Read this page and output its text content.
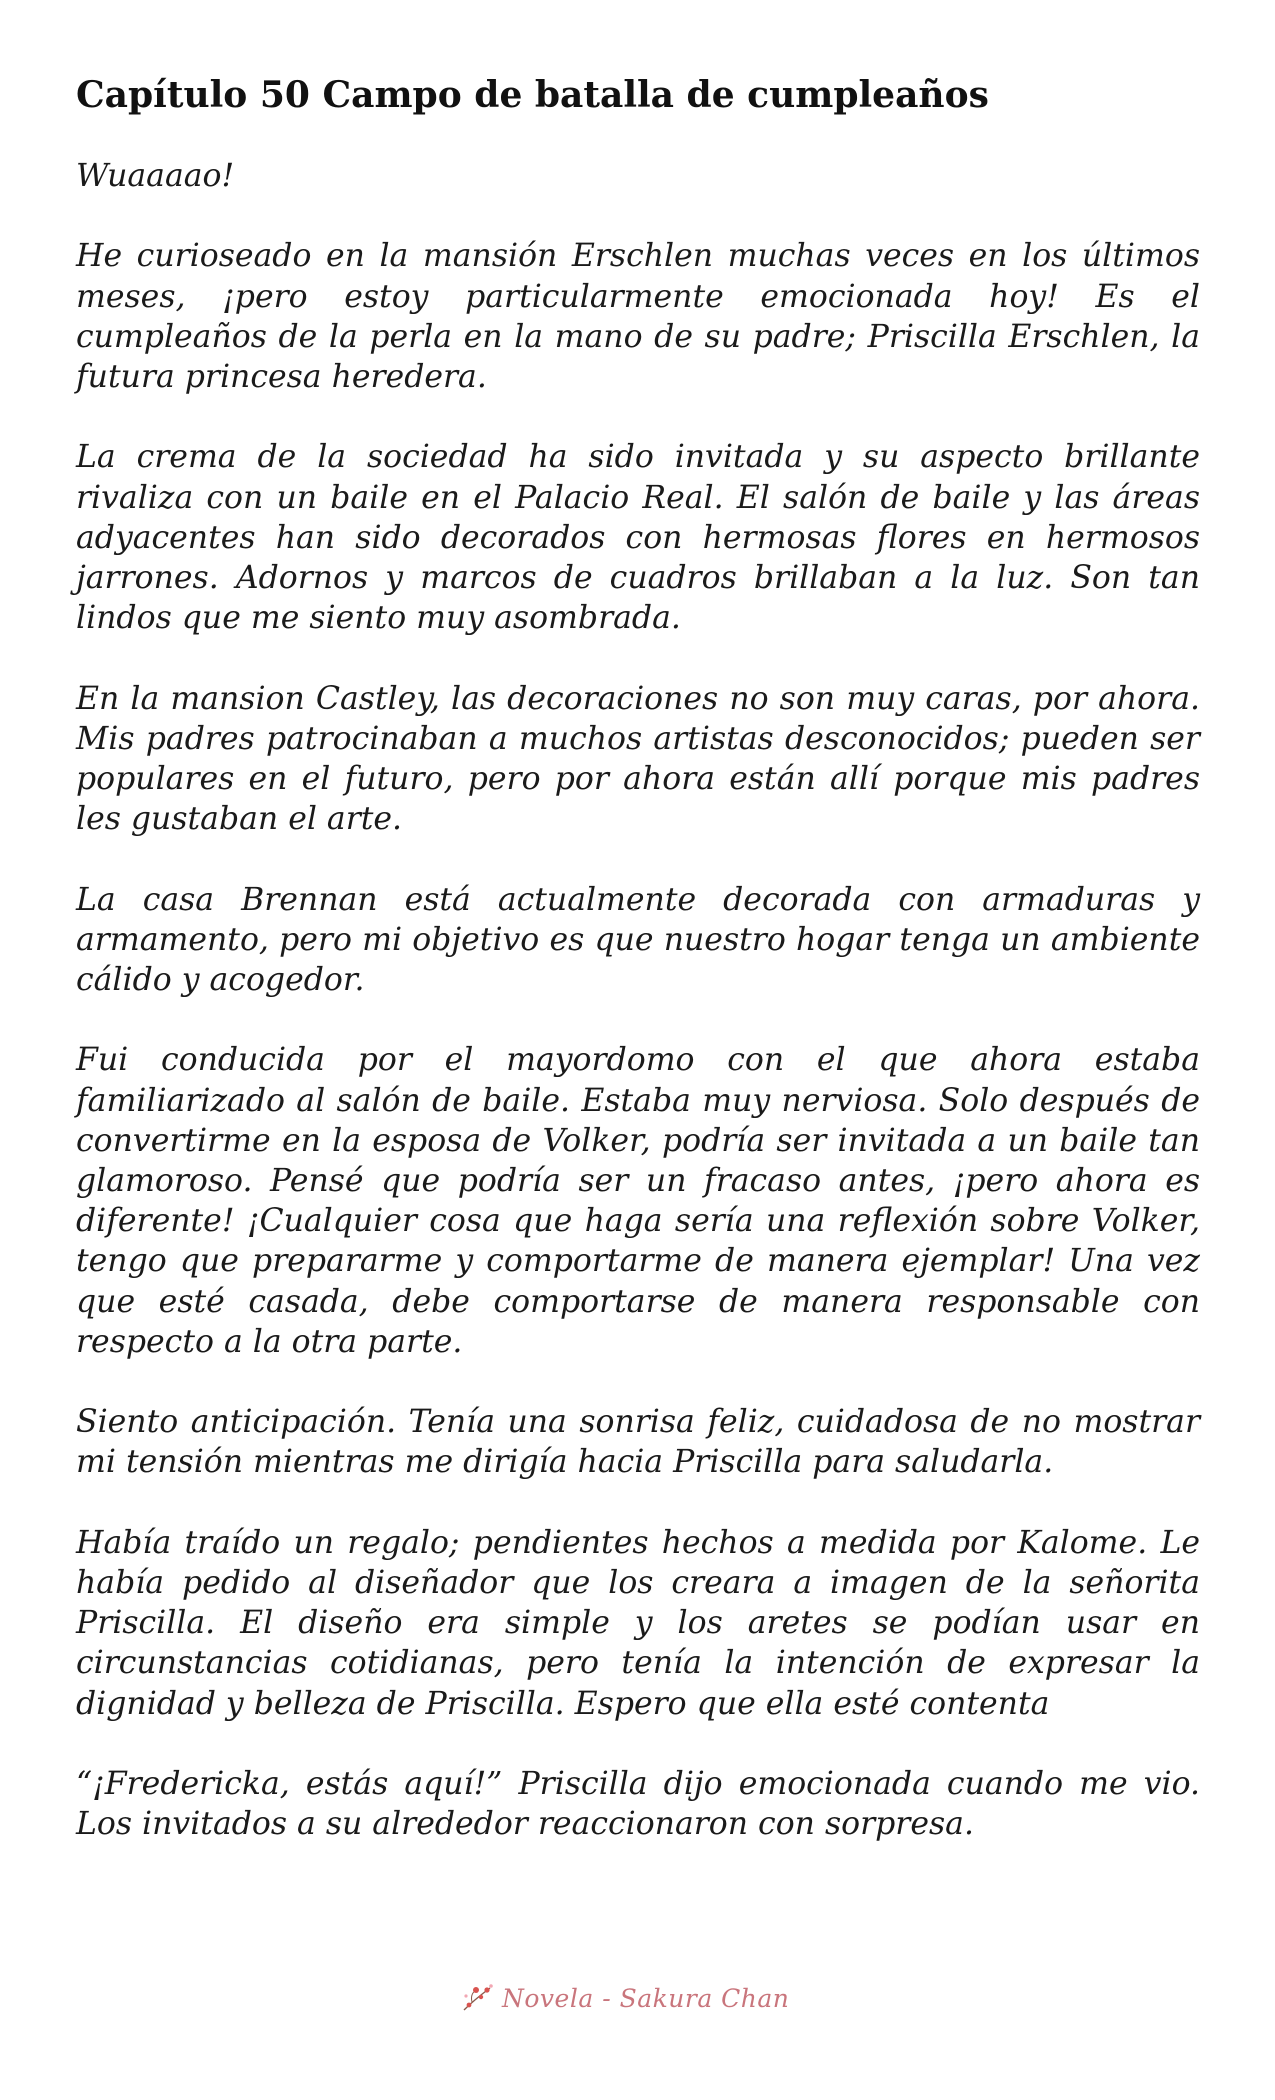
Capítulo 50 Campo de batalla de cumpleaños

Wuaaaao!

He curioseado en la mansión Erschlen muchas veces en los últimos meses, ¡pero estoy particularmente emocionada hoy! Es el cumpleaños de la perla en la mano de su padre; Priscilla Erschlen, la futura princesa heredera.

La crema de la sociedad ha sido invitada y su aspecto brillante rivaliza con un baile en el Palacio Real. El salón de baile y las áreas adyacentes han sido decorados con hermosas flores en hermosos jarrones. Adornos y marcos de cuadros brillaban a la luz. Son tan lindos que me siento muy asombrada.

En la mansion Castley, las decoraciones no son muy caras, por ahora. Mis padres patrocinaban a muchos artistas desconocidos; pueden ser populares en el futuro, pero por ahora están allí porque mis padres les gustaban el arte.

La casa Brennan está actualmente decorada con armaduras y armamento, pero mi objetivo es que nuestro hogar tenga un ambiente cálido y acogedor.

Fui conducida por el mayordomo con el que ahora estaba familiarizado al salón de baile. Estaba muy nerviosa. Solo después de convertirme en la esposa de Volker, podría ser invitada a un baile tan glamoroso. Pensé que podría ser un fracaso antes, ¡pero ahora es diferente! ¡Cualquier cosa que haga sería una reflexión sobre Volker, tengo que prepararme y comportarme de manera ejemplar! Una vez que esté casada, debe comportarse de manera responsable con respecto a la otra parte.

Siento anticipación. Tenía una sonrisa feliz, cuidadosa de no mostrar mi tensión mientras me dirigía hacia Priscilla para saludarla.

Había traído un regalo; pendientes hechos a medida por Kalome. Le había pedido al diseñador que los creara a imagen de la señorita Priscilla. El diseño era simple y los aretes se podían usar en circunstancias cotidianas, pero tenía la intención de expresar la dignidad y belleza de Priscilla. Espero que ella esté contenta

“¡Fredericka, estás aquí!” Priscilla dijo emocionada cuando me vio. Los invitados a su alrededor reaccionaron con sorpresa.

Novela - Sakura Chan
